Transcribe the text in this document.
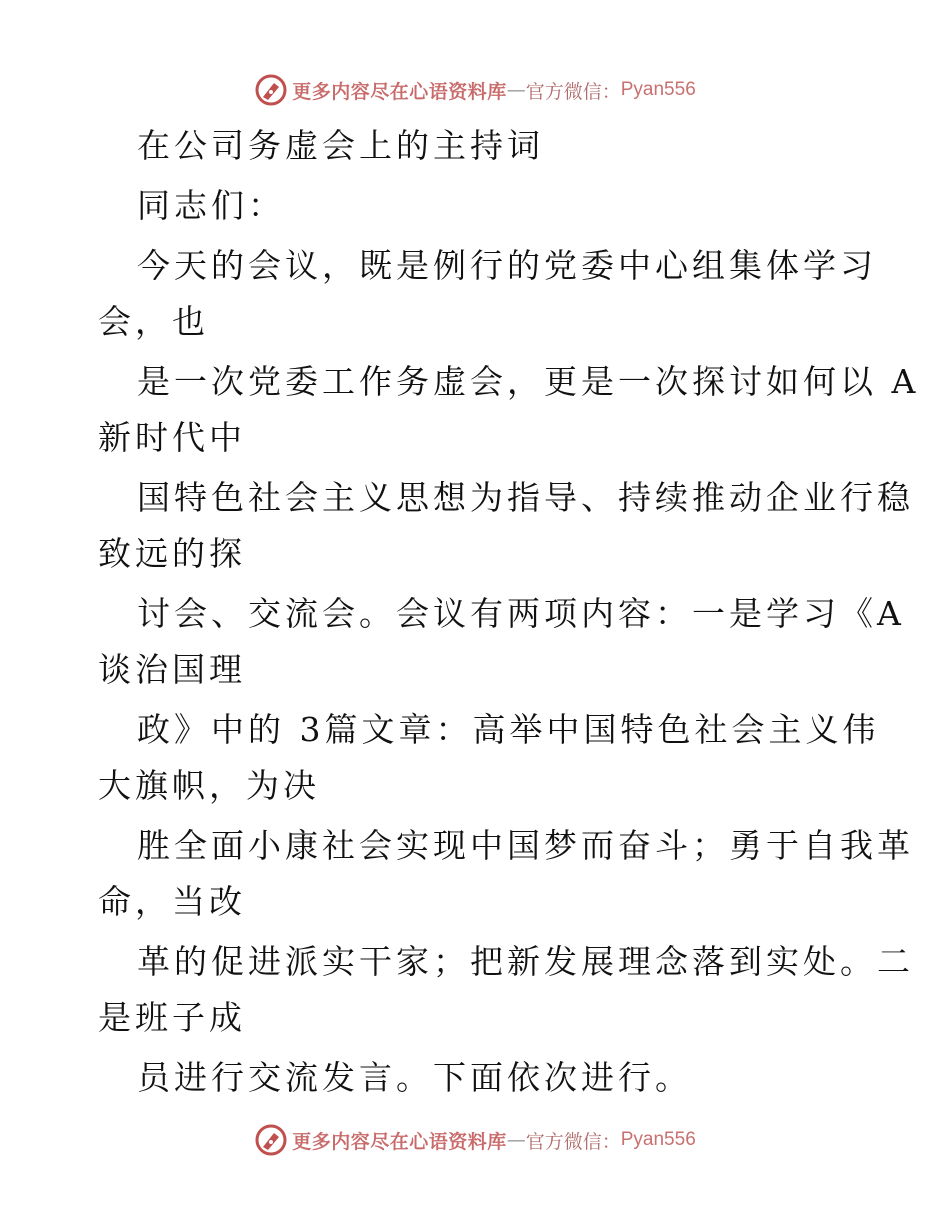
更多内容尽在心语资料库 — 官方微信： Pyan556
在公司务虚会上的主持词
同志们：
今天的会议，既是例行的党委中心组集体学习
会，也
是一次党委工作务虚会，更是一次探讨如何以 A
新时代中
国特色社会主义思想为指导、持续推动企业行稳
致远的探
讨会、交流会。会议有两项内容：一是学习《A
谈治国理
政》中的 3篇文章：高举中国特色社会主义伟
大旗帜，为决
胜全面小康社会实现中国梦而奋斗；勇于自我革
命，当改
革的促进派实干家；把新发展理念落到实处。二
是班子成
员进行交流发言。下面依次进行。
更多内容尽在心语资料库 — 官方微信： Pyan556
